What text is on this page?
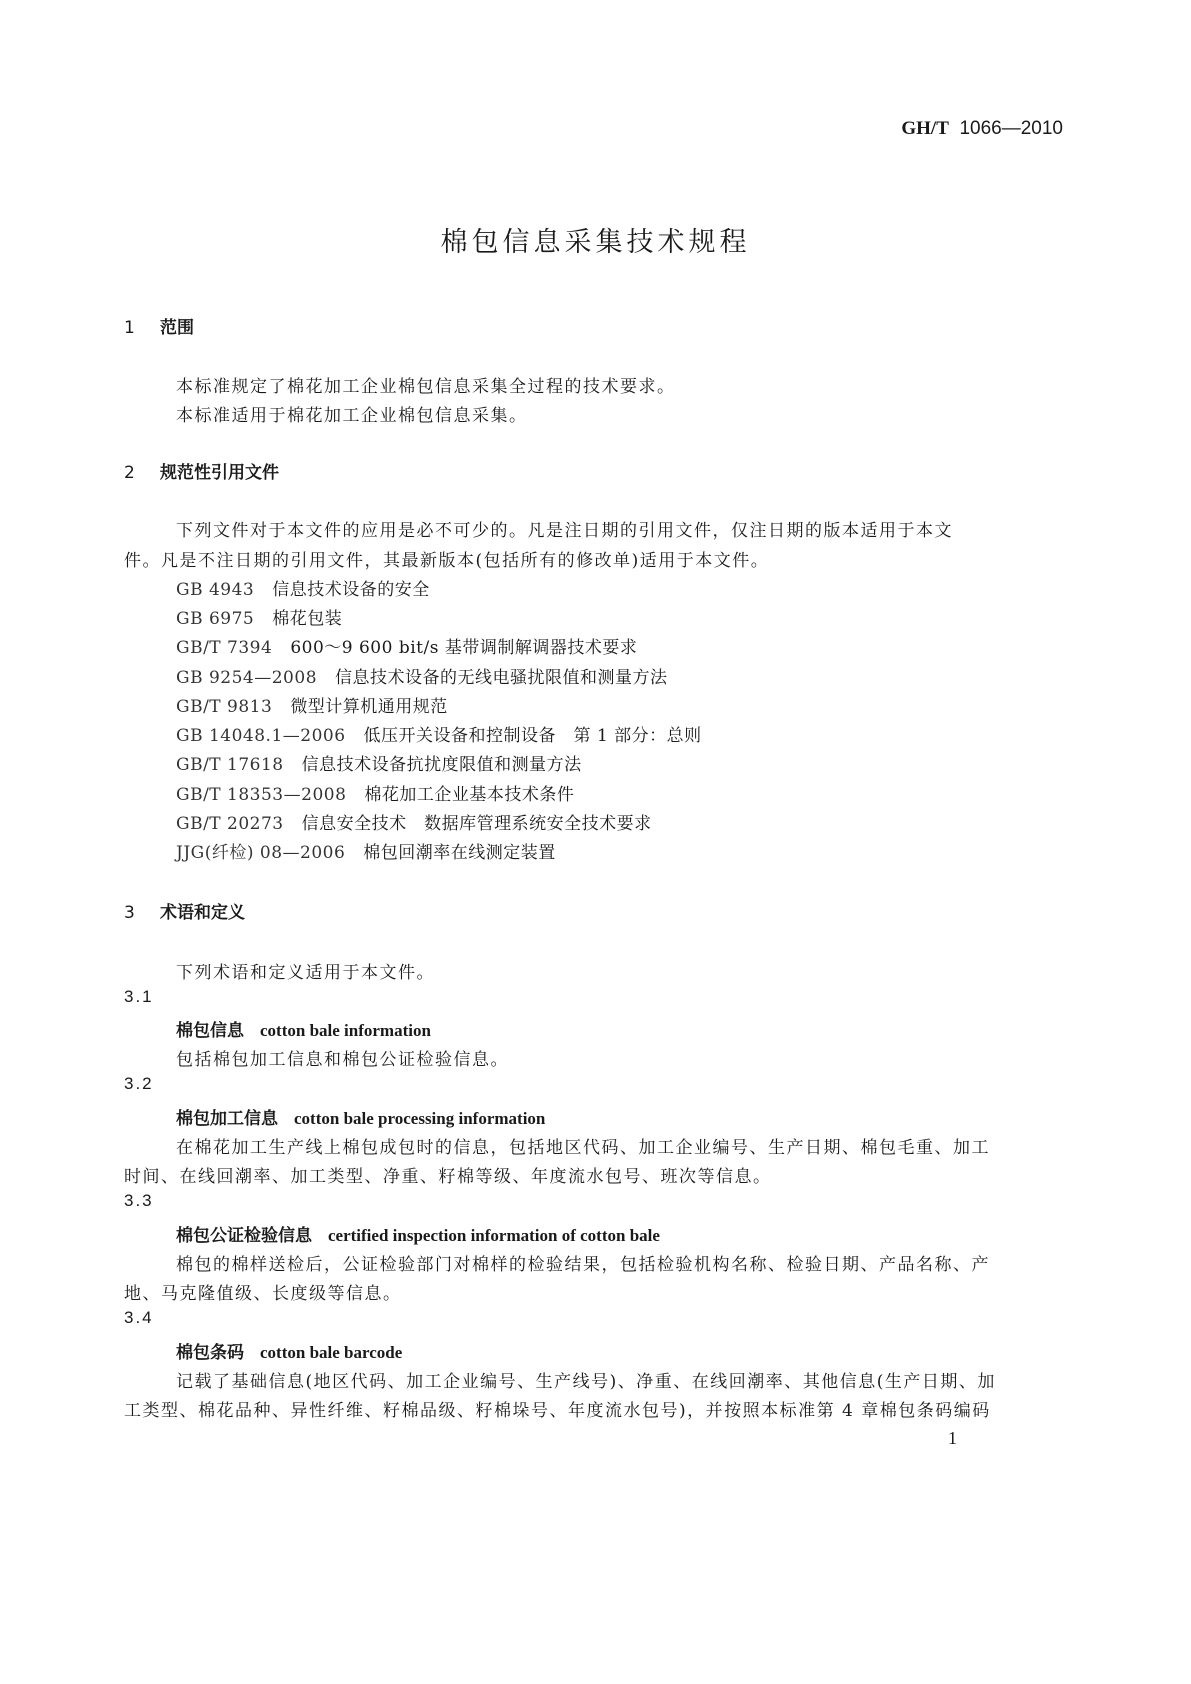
GH/T 1066—2010
棉包信息采集技术规程
1 范围
本标准规定了棉花加工企业棉包信息采集全过程的技术要求。
本标准适用于棉花加工企业棉包信息采集。
2 规范性引用文件
下列文件对于本文件的应用是必不可少的。凡是注日期的引用文件，仅注日期的版本适用于本文
件。凡是不注日期的引用文件，其最新版本(包括所有的修改单)适用于本文件。
GB 4943 信息技术设备的安全
GB 6975 棉花包装
GB/T 7394 600～9 600 bit/s 基带调制解调器技术要求
GB 9254—2008 信息技术设备的无线电骚扰限值和测量方法
GB/T 9813 微型计算机通用规范
GB 14048.1—2006 低压开关设备和控制设备　第 1 部分：总则
GB/T 17618 信息技术设备抗扰度限值和测量方法
GB/T 18353—2008 棉花加工企业基本技术条件
GB/T 20273 信息安全技术　数据库管理系统安全技术要求
JJG(纤检) 08—2006 棉包回潮率在线测定装置
3 术语和定义
下列术语和定义适用于本文件。
3.1
棉包信息 cotton bale information
包括棉包加工信息和棉包公证检验信息。
3.2
棉包加工信息 cotton bale processing information
在棉花加工生产线上棉包成包时的信息，包括地区代码、加工企业编号、生产日期、棉包毛重、加工
时间、在线回潮率、加工类型、净重、籽棉等级、年度流水包号、班次等信息。
3.3
棉包公证检验信息 certified inspection information of cotton bale
棉包的棉样送检后，公证检验部门对棉样的检验结果，包括检验机构名称、检验日期、产品名称、产
地、马克隆值级、长度级等信息。
3.4
棉包条码 cotton bale barcode
记载了基础信息(地区代码、加工企业编号、生产线号)、净重、在线回潮率、其他信息(生产日期、加
工类型、棉花品种、异性纤维、籽棉品级、籽棉垛号、年度流水包号)，并按照本标准第 4 章棉包条码编码
1
